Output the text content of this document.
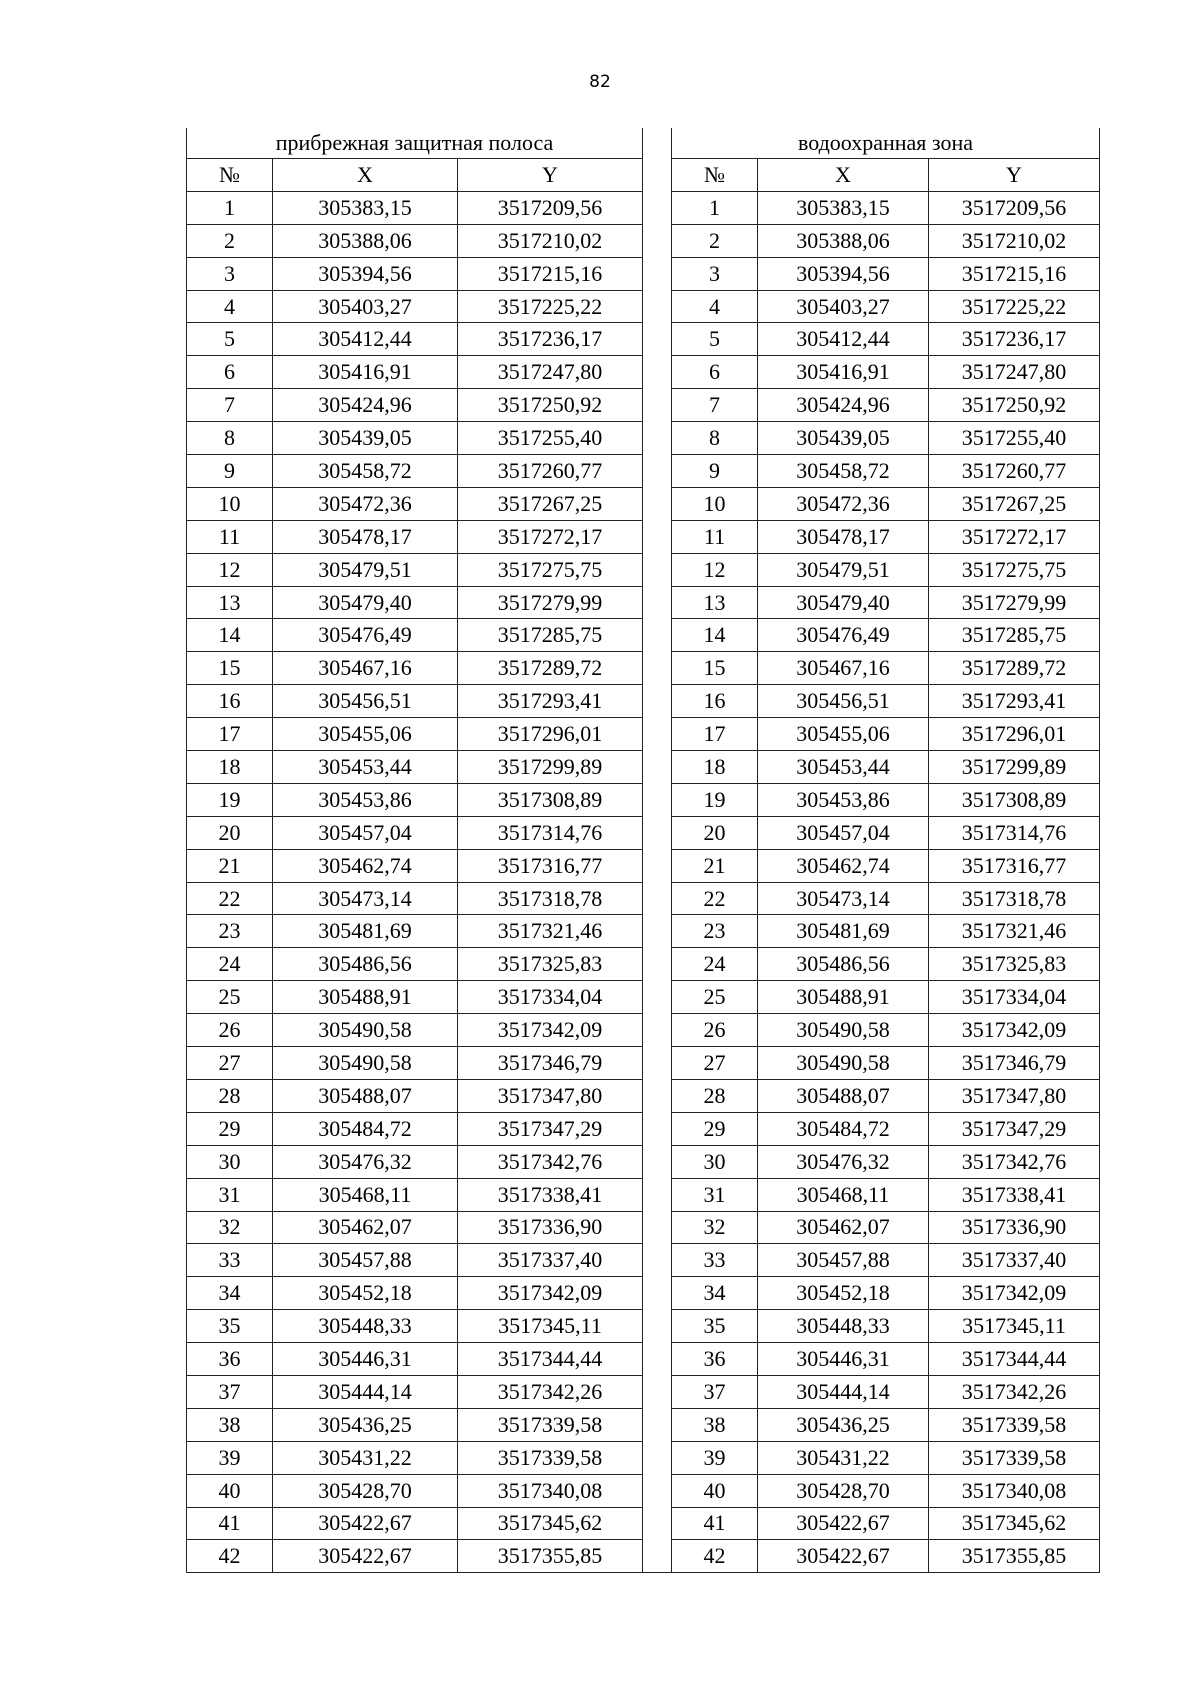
82
прибрежная защитная полоса				водоохранная зона		
№	X	Y		№	X	Y
1	305383,15	3517209,56		1	305383,15	3517209,56
2	305388,06	3517210,02		2	305388,06	3517210,02
3	305394,56	3517215,16		3	305394,56	3517215,16
4	305403,27	3517225,22		4	305403,27	3517225,22
5	305412,44	3517236,17		5	305412,44	3517236,17
6	305416,91	3517247,80		6	305416,91	3517247,80
7	305424,96	3517250,92		7	305424,96	3517250,92
8	305439,05	3517255,40		8	305439,05	3517255,40
9	305458,72	3517260,77		9	305458,72	3517260,77
10	305472,36	3517267,25		10	305472,36	3517267,25
11	305478,17	3517272,17		11	305478,17	3517272,17
12	305479,51	3517275,75		12	305479,51	3517275,75
13	305479,40	3517279,99		13	305479,40	3517279,99
14	305476,49	3517285,75		14	305476,49	3517285,75
15	305467,16	3517289,72		15	305467,16	3517289,72
16	305456,51	3517293,41		16	305456,51	3517293,41
17	305455,06	3517296,01		17	305455,06	3517296,01
18	305453,44	3517299,89		18	305453,44	3517299,89
19	305453,86	3517308,89		19	305453,86	3517308,89
20	305457,04	3517314,76		20	305457,04	3517314,76
21	305462,74	3517316,77		21	305462,74	3517316,77
22	305473,14	3517318,78		22	305473,14	3517318,78
23	305481,69	3517321,46		23	305481,69	3517321,46
24	305486,56	3517325,83		24	305486,56	3517325,83
25	305488,91	3517334,04		25	305488,91	3517334,04
26	305490,58	3517342,09		26	305490,58	3517342,09
27	305490,58	3517346,79		27	305490,58	3517346,79
28	305488,07	3517347,80		28	305488,07	3517347,80
29	305484,72	3517347,29		29	305484,72	3517347,29
30	305476,32	3517342,76		30	305476,32	3517342,76
31	305468,11	3517338,41		31	305468,11	3517338,41
32	305462,07	3517336,90		32	305462,07	3517336,90
33	305457,88	3517337,40		33	305457,88	3517337,40
34	305452,18	3517342,09		34	305452,18	3517342,09
35	305448,33	3517345,11		35	305448,33	3517345,11
36	305446,31	3517344,44		36	305446,31	3517344,44
37	305444,14	3517342,26		37	305444,14	3517342,26
38	305436,25	3517339,58		38	305436,25	3517339,58
39	305431,22	3517339,58		39	305431,22	3517339,58
40	305428,70	3517340,08		40	305428,70	3517340,08
41	305422,67	3517345,62		41	305422,67	3517345,62
42	305422,67	3517355,85		42	305422,67	3517355,85
